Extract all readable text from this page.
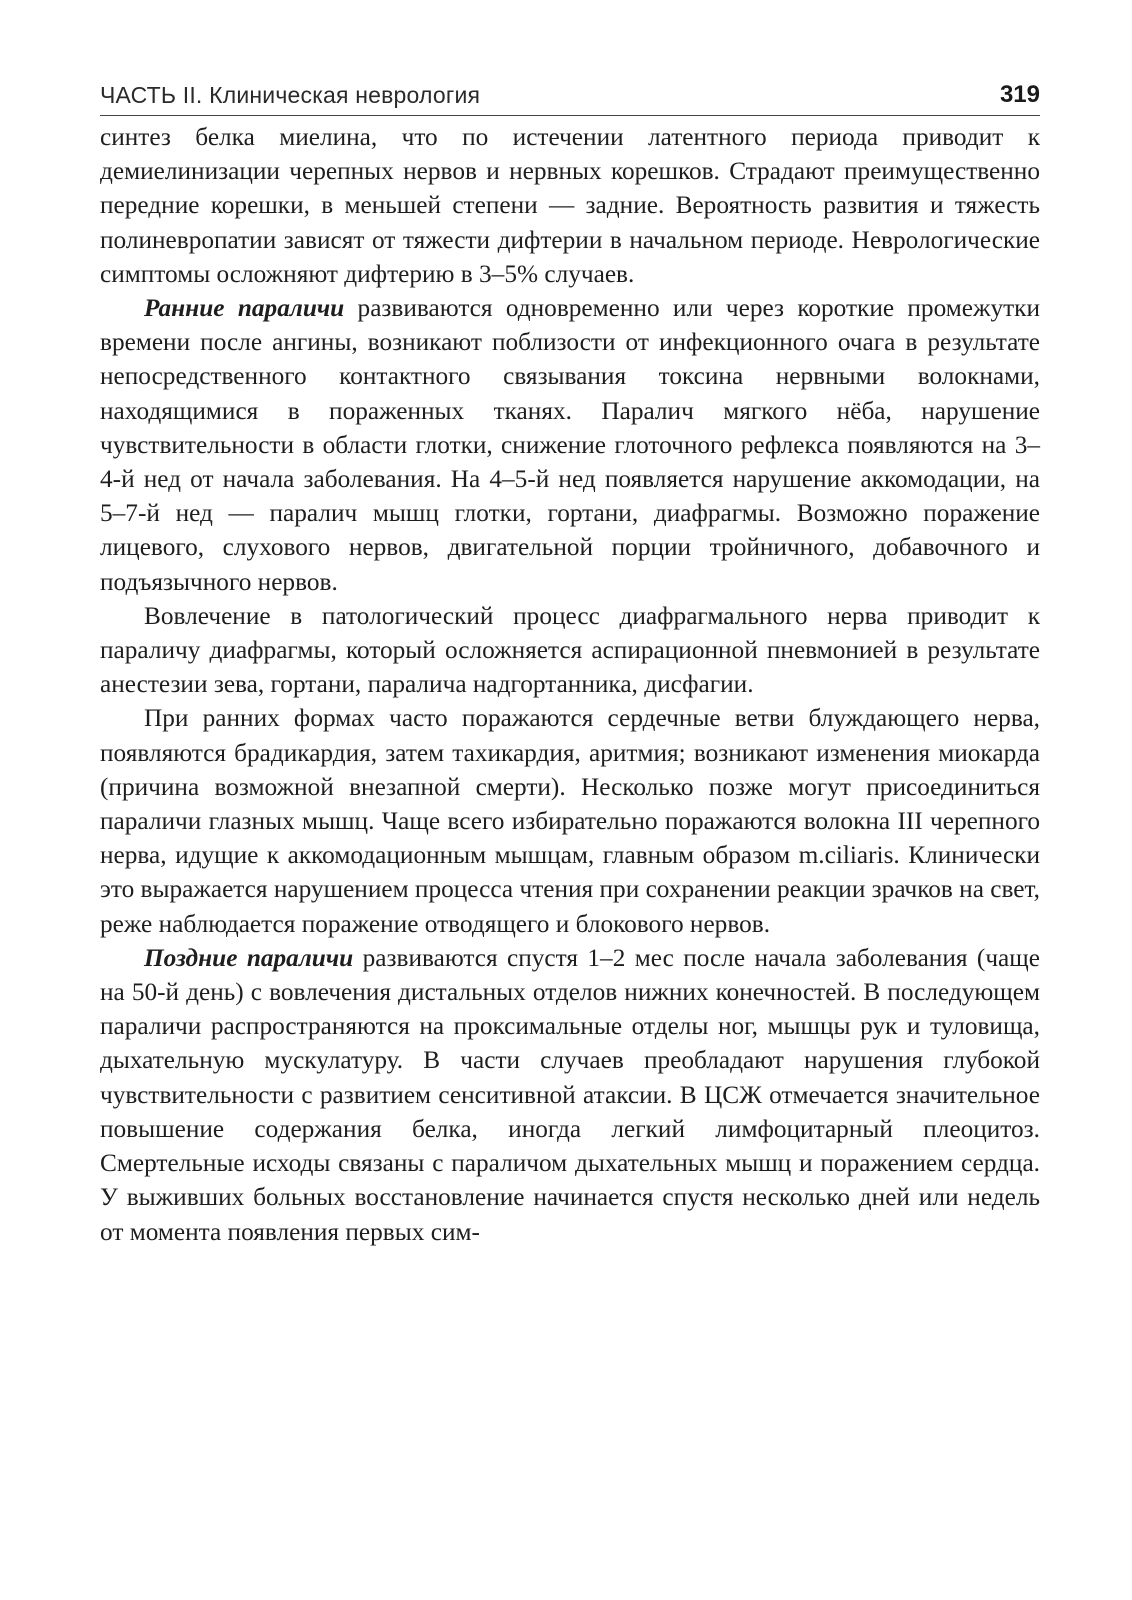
ЧАСТЬ II. Клиническая неврология	319

синтез белка миелина, что по истечении латентного периода приводит к демиелинизации черепных нервов и нервных корешков. Страдают преимущественно передние корешки, в меньшей степени — задние. Вероятность развития и тяжесть полиневропатии зависят от тяжести дифтерии в начальном периоде. Неврологические симптомы осложняют дифтерию в 3–5% случаев.

Ранние параличи развиваются одновременно или через короткие промежутки времени после ангины, возникают поблизости от инфекционного очага в результате непосредственного контактного связывания токсина нервными волокнами, находящимися в пораженных тканях. Паралич мягкого нёба, нарушение чувствительности в области глотки, снижение глоточного рефлекса появляются на 3–4-й нед от начала заболевания. На 4–5-й нед появляется нарушение аккомодации, на 5–7-й нед — паралич мышц глотки, гортани, диафрагмы. Возможно поражение лицевого, слухового нервов, двигательной порции тройничного, добавочного и подъязычного нервов.

Вовлечение в патологический процесс диафрагмального нерва приводит к параличу диафрагмы, который осложняется аспирационной пневмонией в результате анестезии зева, гортани, паралича надгортанника, дисфагии.

При ранних формах часто поражаются сердечные ветви блуждающего нерва, появляются брадикардия, затем тахикардия, аритмия; возникают изменения миокарда (причина возможной внезапной смерти). Несколько позже могут присоединиться параличи глазных мышц. Чаще всего избирательно поражаются волокна III черепного нерва, идущие к аккомодационным мышцам, главным образом m.ciliaris. Клинически это выражается нарушением процесса чтения при сохранении реакции зрачков на свет, реже наблюдается поражение отводящего и блокового нервов.

Поздние параличи развиваются спустя 1–2 мес после начала заболевания (чаще на 50-й день) с вовлечения дистальных отделов нижних конечностей. В последующем параличи распространяются на проксимальные отделы ног, мышцы рук и туловища, дыхательную мускулатуру. В части случаев преобладают нарушения глубокой чувствительности с развитием сенситивной атаксии. В ЦСЖ отмечается значительное повышение содержания белка, иногда легкий лимфоцитарный плеоцитоз. Смертельные исходы связаны с параличом дыхательных мышц и поражением сердца. У выживших больных восстановление начинается спустя несколько дней или недель от момента появления первых сим-
